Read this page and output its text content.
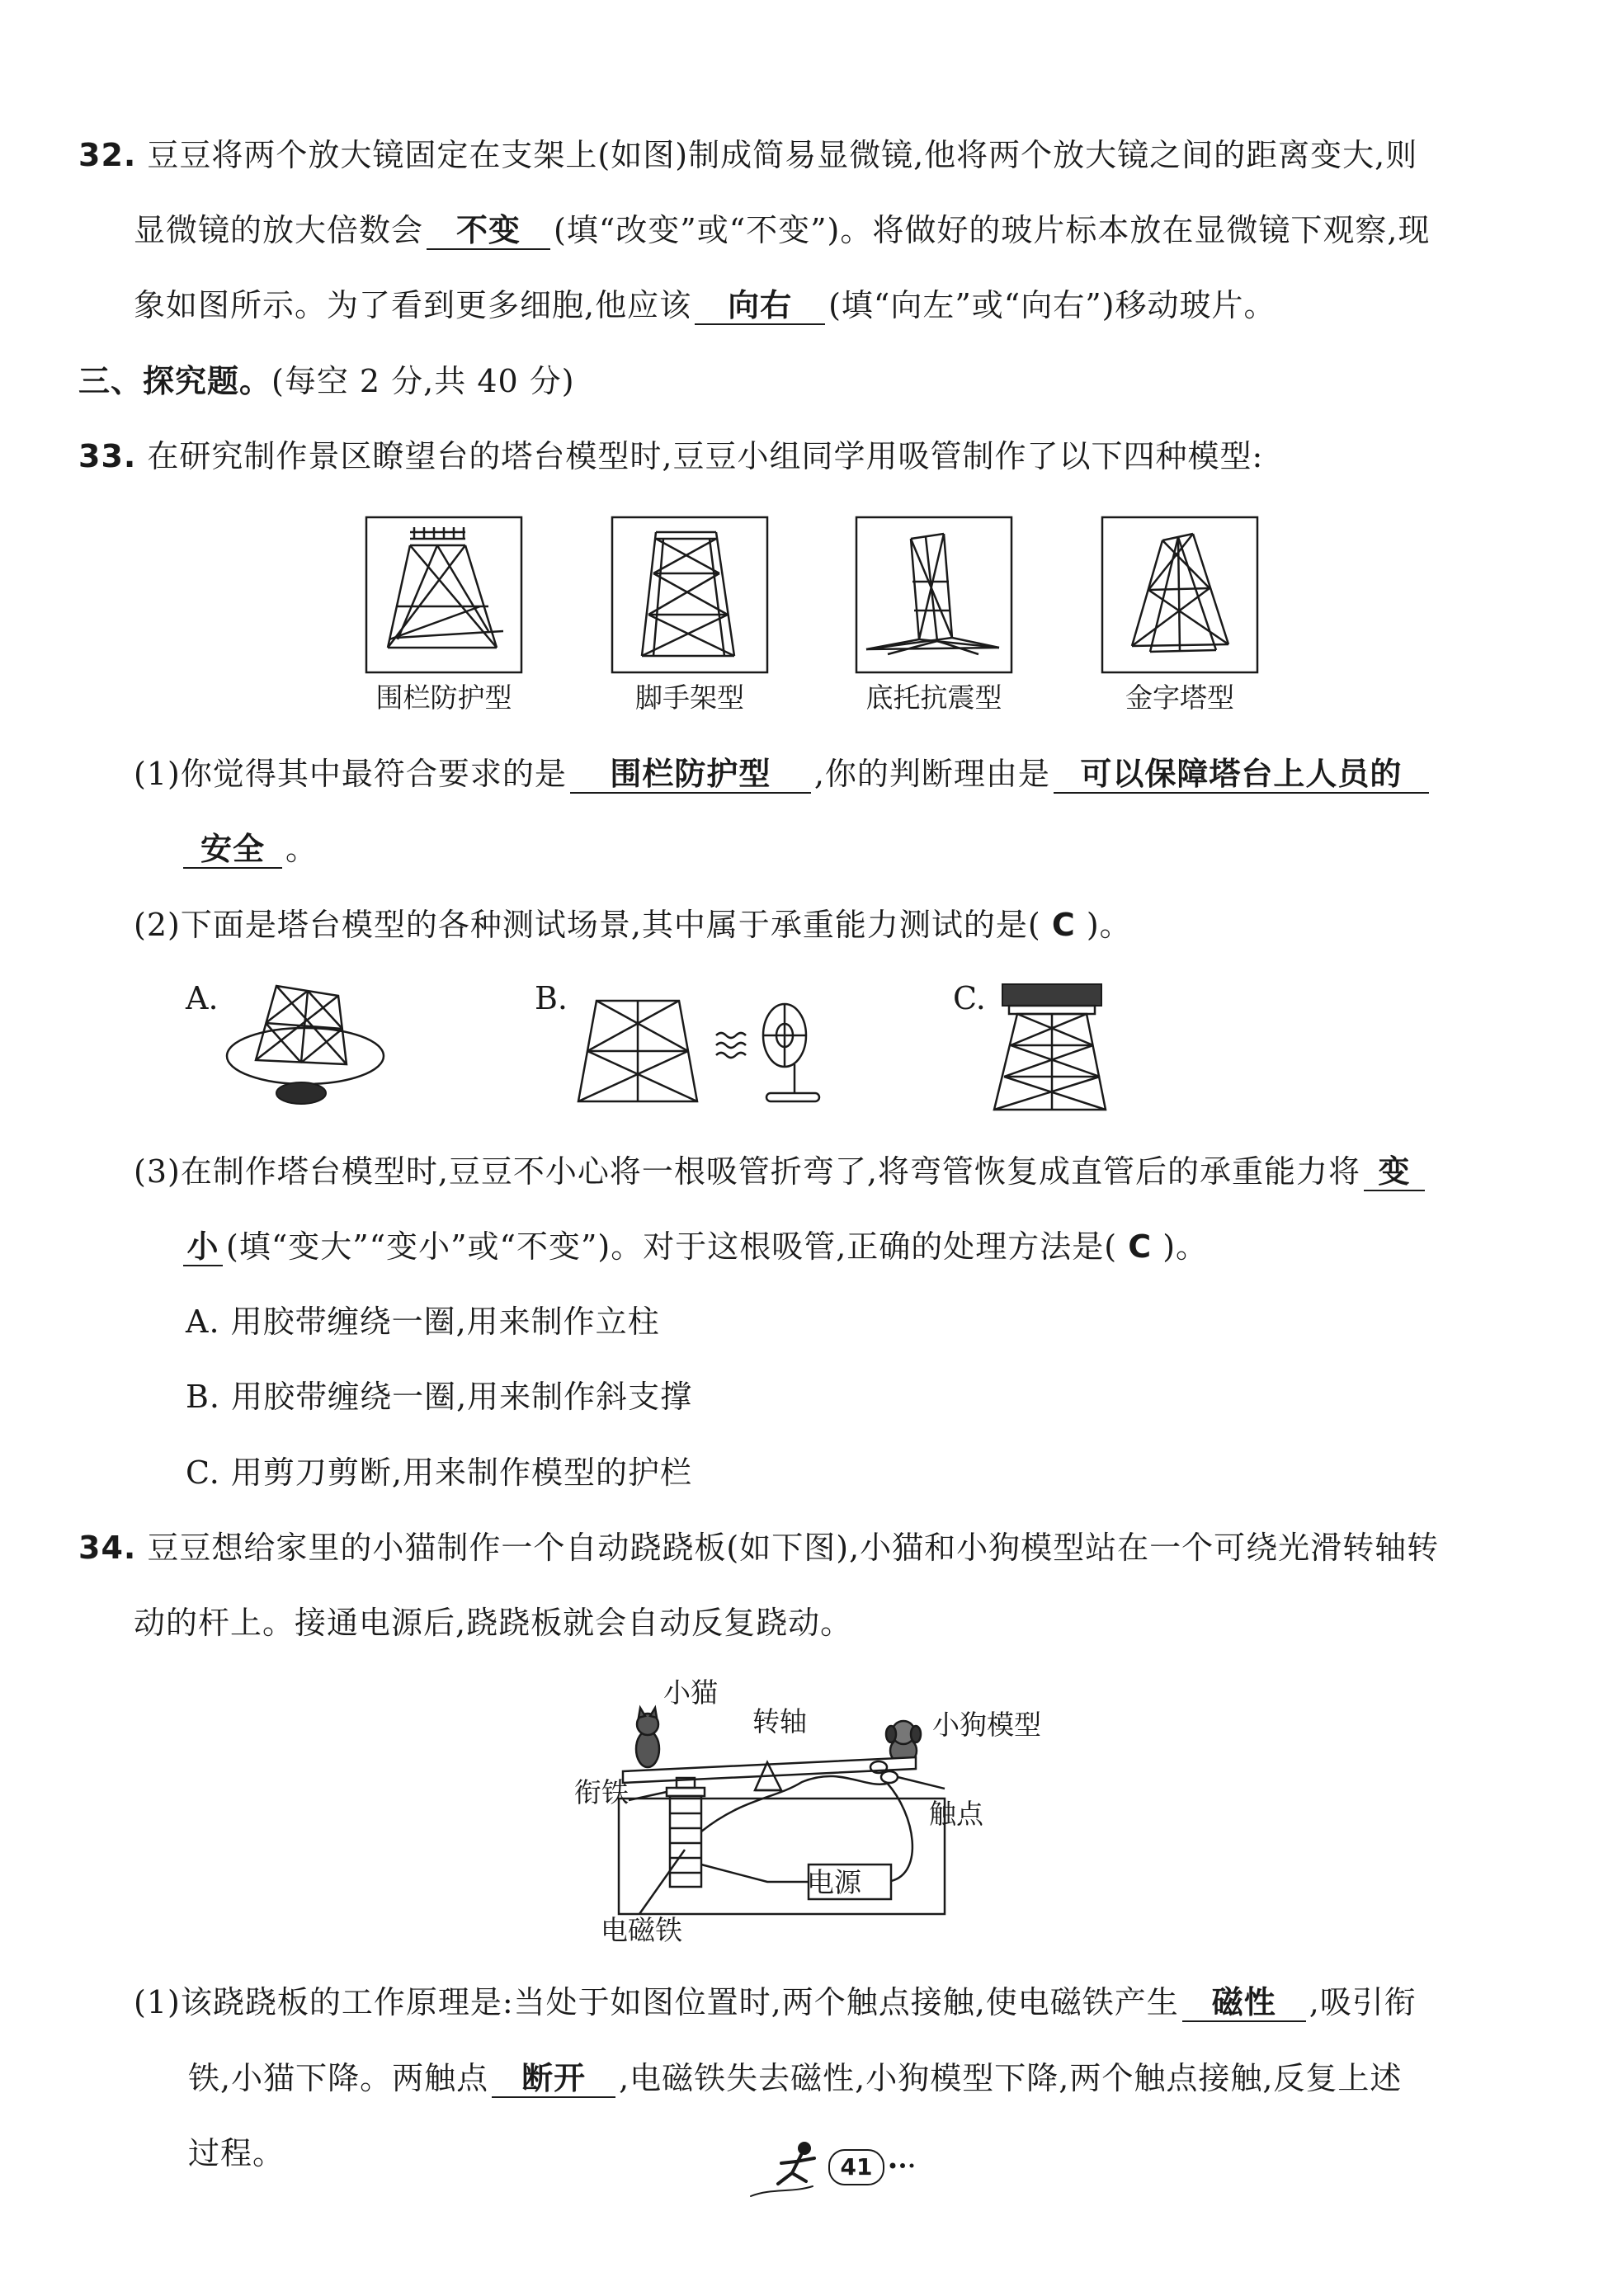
32. 豆豆将两个放大镜固定在支架上(如图)制成简易显微镜,他将两个放大镜之间的距离变大,则
显微镜的放大倍数会 不变 (填“改变”或“不变”)。将做好的玻片标本放在显微镜下观察,现
象如图所示。为了看到更多细胞,他应该 向右 (填“向左”或“向右”)移动玻片。
三、探究题。(每空 2 分,共 40 分)
33. 在研究制作景区瞭望台的塔台模型时,豆豆小组同学用吸管制作了以下四种模型:
围栏防护型	脚手架型	底托抗震型	金字塔型
(1)你觉得其中最符合要求的是 围栏防护型 ,你的判断理由是 可以保障塔台上人员的
安全 。
(2)下面是塔台模型的各种测试场景,其中属于承重能力测试的是( C )。
A.	B.	C.
(3)在制作塔台模型时,豆豆不小心将一根吸管折弯了,将弯管恢复成直管后的承重能力将 变
小 (填“变大”“变小”或“不变”)。对于这根吸管,正确的处理方法是( C )。
A. 用胶带缠绕一圈,用来制作立柱
B. 用胶带缠绕一圈,用来制作斜支撑
C. 用剪刀剪断,用来制作模型的护栏
34. 豆豆想给家里的小猫制作一个自动跷跷板(如下图),小猫和小狗模型站在一个可绕光滑转轴转
动的杆上。接通电源后,跷跷板就会自动反复跷动。
小猫
转轴	小狗模型
衔铁
触点
电源
电磁铁
(1)该跷跷板的工作原理是:当处于如图位置时,两个触点接触,使电磁铁产生 磁性 ,吸引衔
铁,小猫下降。两触点 断开 ,电磁铁失去磁性,小狗模型下降,两个触点接触,反复上述
过程。	41
